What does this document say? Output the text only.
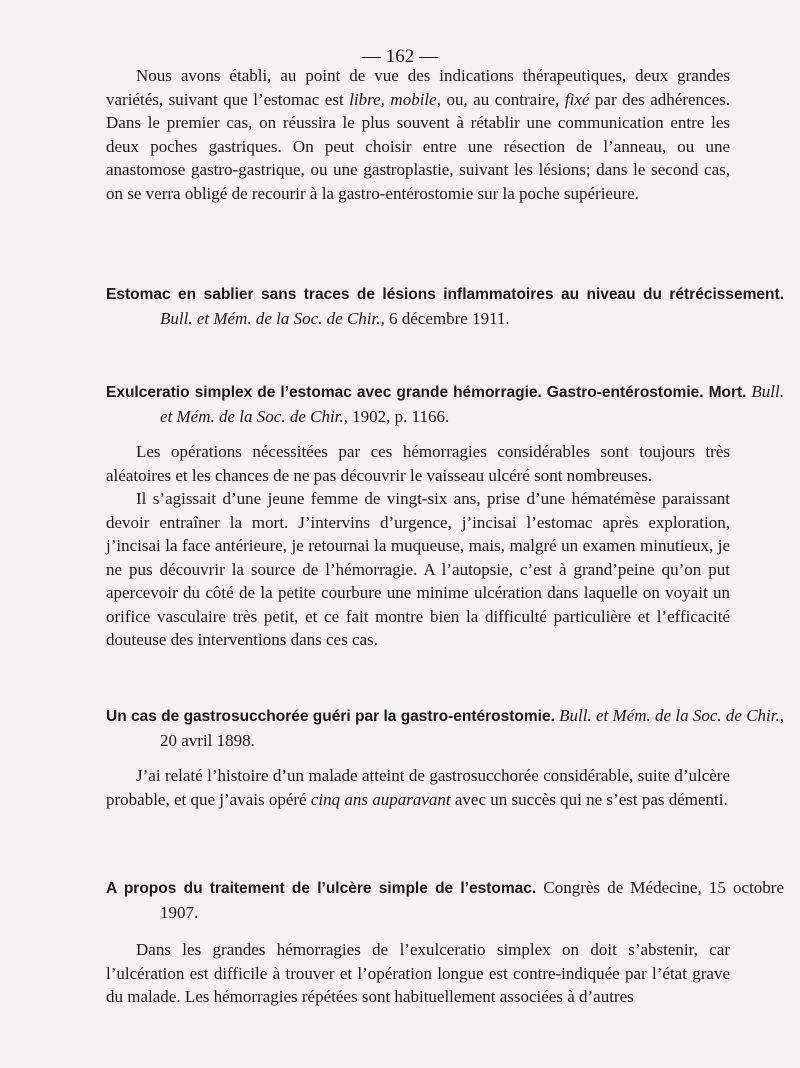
— 162 —

Nous avons établi, au point de vue des indications thérapeutiques, deux grandes variétés, suivant que l’estomac est libre, mobile, ou, au contraire, fixé par des adhérences. Dans le premier cas, on réussira le plus souvent à rétablir une communication entre les deux poches gastriques. On peut choisir entre une résection de l’anneau, ou une anastomose gastro-gastrique, ou une gastroplastie, suivant les lésions; dans le second cas, on se verra obligé de recourir à la gastro-entérostomie sur la poche supérieure.

Estomac en sablier sans traces de lésions inflammatoires au niveau du rétrécissement. Bull. et Mém. de la Soc. de Chir., 6 décembre 1911.

Exulceratio simplex de l’estomac avec grande hémorragie. Gastro-entérostomie. Mort. Bull. et Mém. de la Soc. de Chir., 1902, p. 1166.

Les opérations nécessitées par ces hémorragies considérables sont toujours très aléatoires et les chances de ne pas découvrir le vaisseau ulcéré sont nombreuses.

Il s’agissait d’une jeune femme de vingt-six ans, prise d’une hématémèse paraissant devoir entraîner la mort. J’intervins d’urgence, j’incisai l’estomac après exploration, j’incisai la face antérieure, je retournai la muqueuse, mais, malgré un examen minutieux, je ne pus découvrir la source de l’hémorragie. A l’autopsie, c’est à grand’peine qu’on put apercevoir du côté de la petite courbure une minime ulcération dans laquelle on voyait un orifice vasculaire très petit, et ce fait montre bien la difficulté particulière et l’efficacité douteuse des interventions dans ces cas.

Un cas de gastrosucchorée guéri par la gastro-entérostomie. Bull. et Mém. de la Soc. de Chir., 20 avril 1898.

J’ai relaté l’histoire d’un malade atteint de gastrosucchorée considérable, suite d’ulcère probable, et que j’avais opéré cinq ans auparavant avec un succès qui ne s’est pas démenti.

A propos du traitement de l’ulcère simple de l’estomac. Congrès de Médecine, 15 octobre 1907.

Dans les grandes hémorragies de l’exulceratio simplex on doit s’abstenir, car l’ulcération est difficile à trouver et l’opération longue est contre-indiquée par l’état grave du malade. Les hémorragies répétées sont habituellement associées à d’autres
